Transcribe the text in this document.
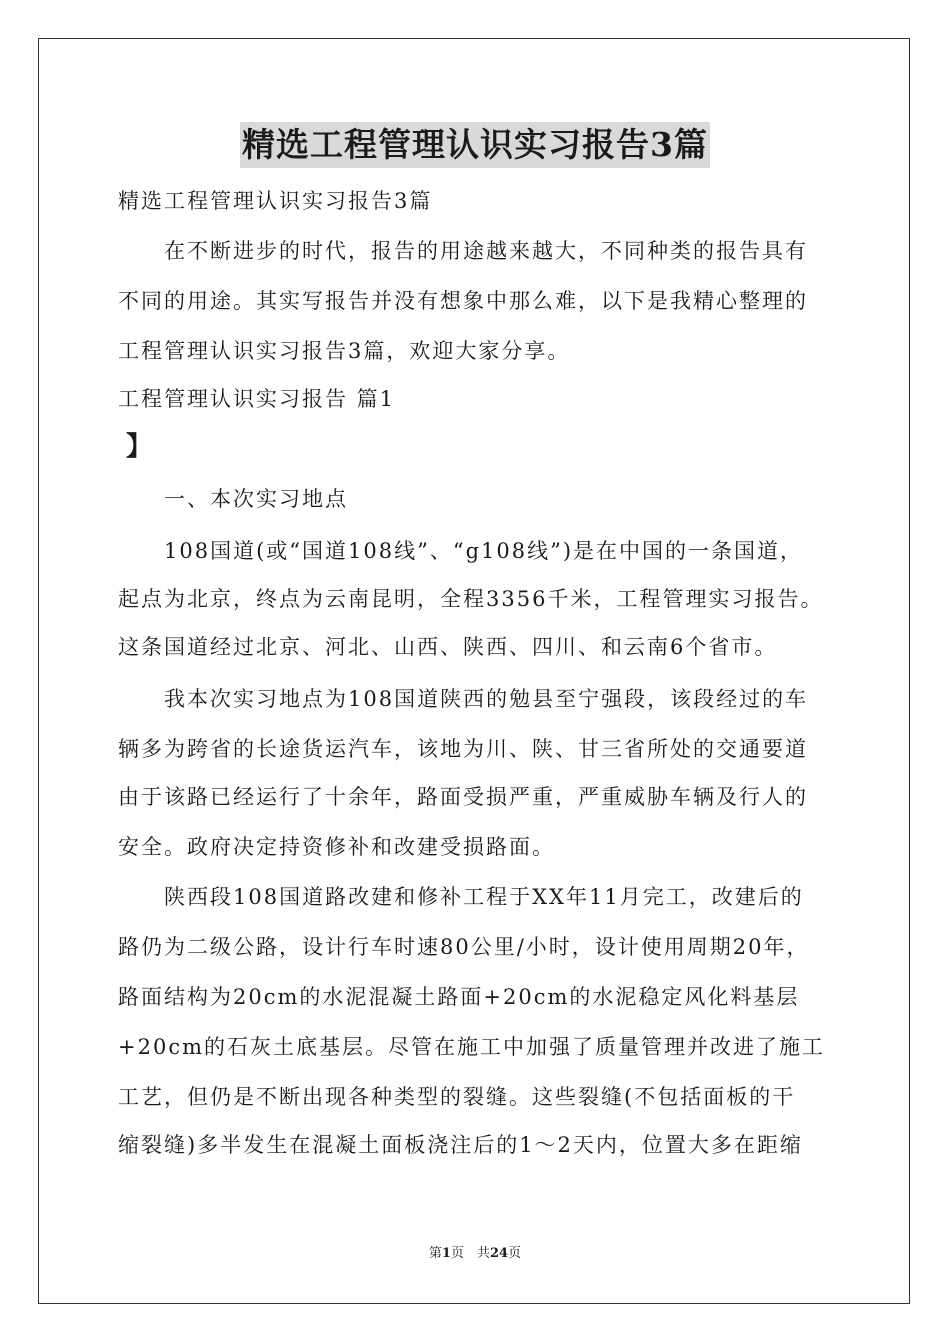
精选工程管理认识实习报告3篇
精选工程管理认识实习报告3篇
在不断进步的时代，报告的用途越来越大，不同种类的报告具有
不同的用途。其实写报告并没有想象中那么难，以下是我精心整理的
工程管理认识实习报告3篇，欢迎大家分享。
工程管理认识实习报告 篇1
】
一、本次实习地点
108国道(或“国道108线”、“g108线”)是在中国的一条国道，
起点为北京，终点为云南昆明，全程3356千米，工程管理实习报告。
这条国道经过北京、河北、山西、陕西、四川、和云南6个省市。
我本次实习地点为108国道陕西的勉县至宁强段，该段经过的车
辆多为跨省的长途货运汽车，该地为川、陕、甘三省所处的交通要道
由于该路已经运行了十余年，路面受损严重，严重威胁车辆及行人的
安全。政府决定持资修补和改建受损路面。
陕西段108国道路改建和修补工程于XX年11月完工，改建后的
路仍为二级公路，设计行车时速80公里/小时，设计使用周期20年，
路面结构为20cm的水泥混凝土路面+20cm的水泥稳定风化料基层
+20cm的石灰土底基层。尽管在施工中加强了质量管理并改进了施工
工艺，但仍是不断出现各种类型的裂缝。这些裂缝(不包括面板的干
缩裂缝)多半发生在混凝土面板浇注后的1～2天内，位置大多在距缩
第1页　共24页
